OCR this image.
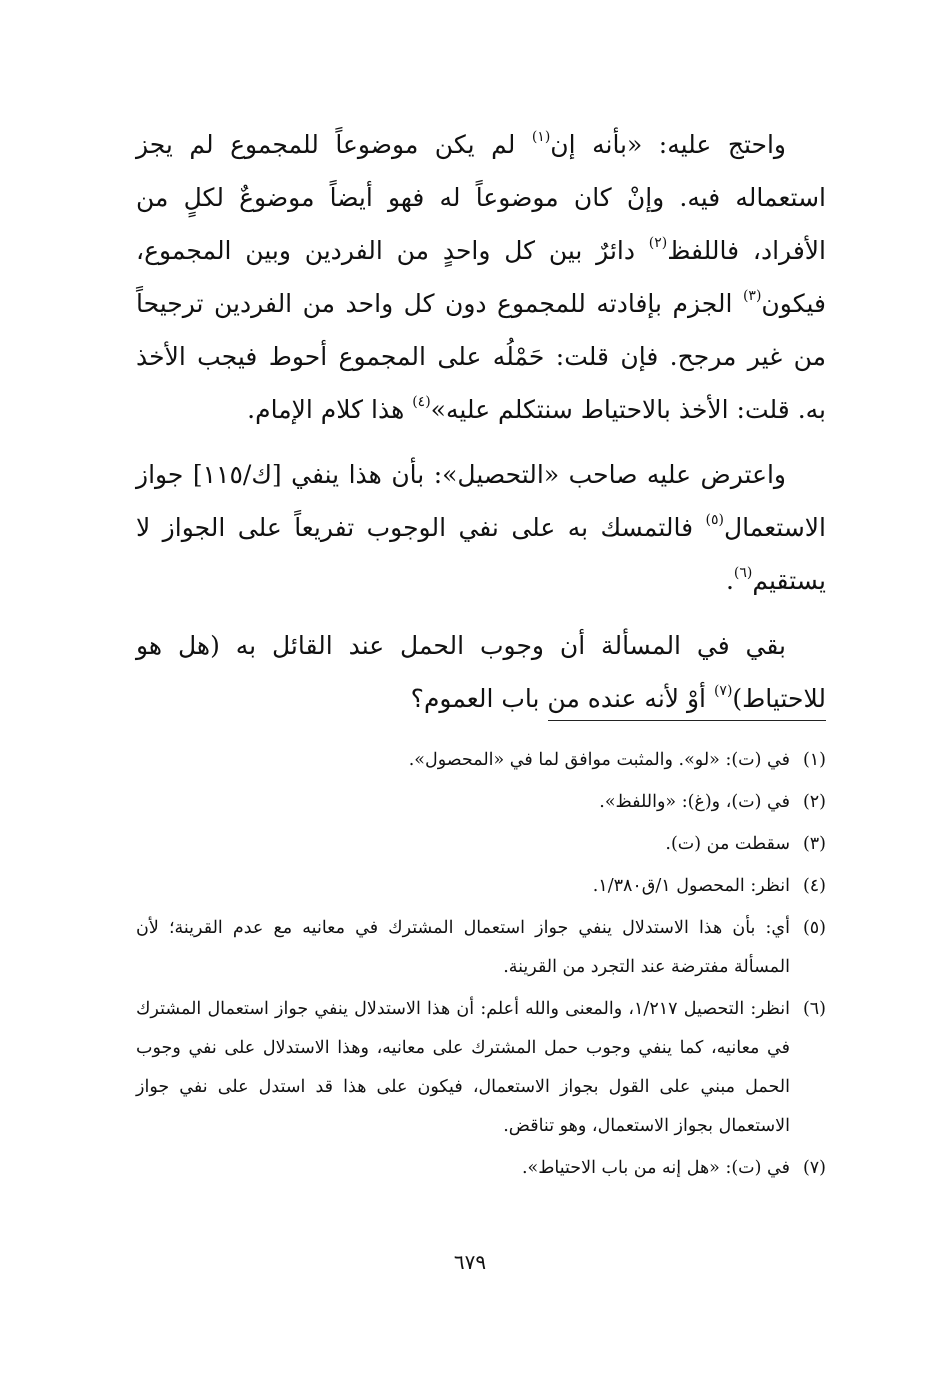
واحتج عليه: «بأنه إن$^{(١)}$ لم يكن موضوعاً للمجموع لم يجز استعماله فيه. وإنْ كان موضوعاً له فهو أيضاً موضوعٌ لكلٍ من الأفراد، فاللفظ$^{(٢)}$ دائرٌ بين كل واحدٍ من الفردين وبين المجموع، فيكون$^{(٣)}$ الجزم بإفادته للمجموع دون كل واحد من الفردين ترجيحاً من غير مرجح. فإن قلت: حَمْلُه على المجموع أحوط فيجب الأخذ به. قلت: الأخذ بالاحتياط سنتكلم عليه»$^{(٤)}$ هذا كلام الإمام.

واعترض عليه صاحب «التحصيل»: بأن هذا ينفي [ك/١١٥] جواز الاستعمال$^{(٥)}$ فالتمسك به على نفي الوجوب تفريعاً على الجواز لا يستقيم$^{(٦)}$.

بقي في المسألة أن وجوب الحمل عند القائل به (هل هو للاحتياط)$^{(٧)}$ أوْ لأنه عنده من باب العموم؟

(١)
في (ت): «لو». والمثبت موافق لما في «المحصول».
(٢)
في (ت)، و(غ): «واللفظ».
(٣)
سقطت من (ت).
(٤)
انظر: المحصول ١/ق١/٣٨٠.
(٥)
أي: بأن هذا الاستدلال ينفي جواز استعمال المشترك في معانيه مع عدم القرينة؛ لأن المسألة مفترضة عند التجرد من القرينة.
(٦)
انظر: التحصيل ١/٢١٧، والمعنى والله أعلم: أن هذا الاستدلال ينفي جواز استعمال المشترك في معانيه، كما ينفي وجوب حمل المشترك على معانيه، وهذا الاستدلال على نفي وجوب الحمل مبني على القول بجواز الاستعمال، فيكون على هذا قد استدل على نفي جواز الاستعمال بجواز الاستعمال، وهو تناقض.
(٧)
في (ت): «هل إنه من باب الاحتياط».
٦٧٩
